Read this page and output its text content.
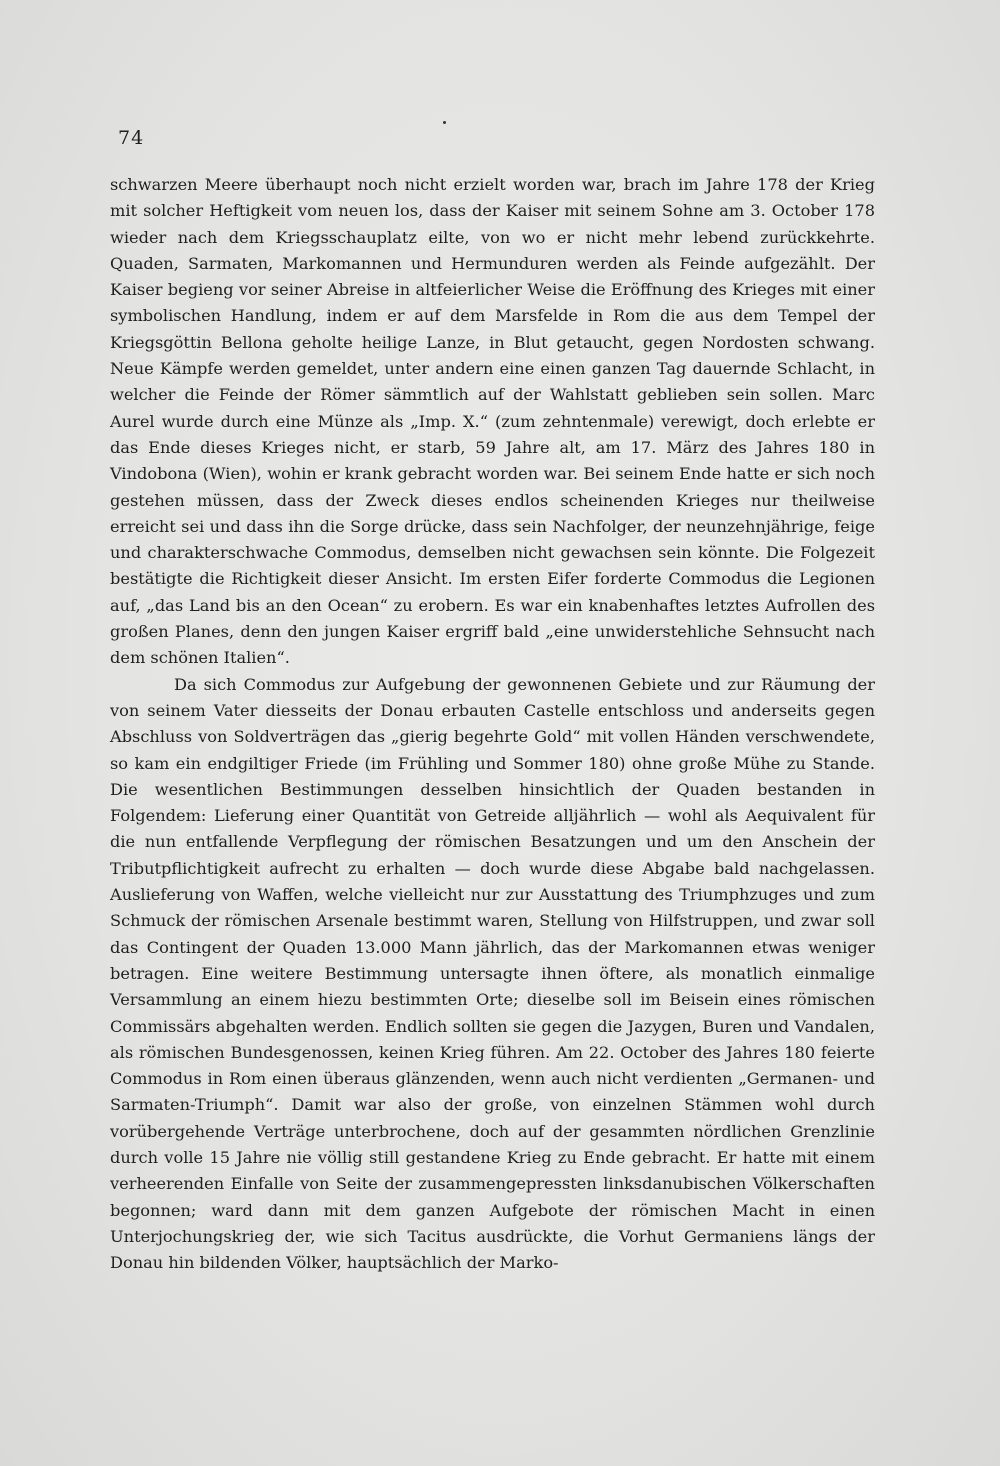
74

schwarzen Meere überhaupt noch nicht erzielt worden war, brach im Jahre 178 der Krieg mit solcher Heftigkeit vom neuen los, dass der Kaiser mit seinem Sohne am 3. October 178 wieder nach dem Kriegsschauplatz eilte, von wo er nicht mehr lebend zurückkehrte. Quaden, Sarmaten, Markomannen und Hermunduren werden als Feinde aufgezählt. Der Kaiser begieng vor seiner Abreise in altfeierlicher Weise die Eröffnung des Krieges mit einer symbolischen Handlung, indem er auf dem Marsfelde in Rom die aus dem Tempel der Kriegsgöttin Bellona geholte heilige Lanze, in Blut getaucht, gegen Nordosten schwang. Neue Kämpfe werden gemeldet, unter andern eine einen ganzen Tag dauernde Schlacht, in welcher die Feinde der Römer sämmtlich auf der Wahlstatt geblieben sein sollen. Marc Aurel wurde durch eine Münze als „Imp. X.“ (zum zehntenmale) verewigt, doch erlebte er das Ende dieses Krieges nicht, er starb, 59 Jahre alt, am 17. März des Jahres 180 in Vindobona (Wien), wohin er krank gebracht worden war. Bei seinem Ende hatte er sich noch gestehen müssen, dass der Zweck dieses endlos scheinenden Krieges nur theilweise erreicht sei und dass ihn die Sorge drücke, dass sein Nachfolger, der neunzehnjährige, feige und charakterschwache Commodus, demselben nicht gewachsen sein könnte. Die Folgezeit bestätigte die Richtigkeit dieser Ansicht. Im ersten Eifer forderte Commodus die Legionen auf, „das Land bis an den Ocean“ zu erobern. Es war ein knabenhaftes letztes Aufrollen des großen Planes, denn den jungen Kaiser ergriff bald „eine unwiderstehliche Sehnsucht nach dem schönen Italien“.

Da sich Commodus zur Aufgebung der gewonnenen Gebiete und zur Räumung der von seinem Vater diesseits der Donau erbauten Castelle entschloss und anderseits gegen Abschluss von Soldverträgen das „gierig begehrte Gold“ mit vollen Händen verschwendete, so kam ein endgiltiger Friede (im Frühling und Sommer 180) ohne große Mühe zu Stande. Die wesentlichen Bestimmungen desselben hinsichtlich der Quaden bestanden in Folgendem: Lieferung einer Quantität von Getreide alljährlich — wohl als Aequivalent für die nun entfallende Verpflegung der römischen Besatzungen und um den Anschein der Tributpflichtigkeit aufrecht zu erhalten — doch wurde diese Abgabe bald nachgelassen. Auslieferung von Waffen, welche vielleicht nur zur Ausstattung des Triumphzuges und zum Schmuck der römischen Arsenale bestimmt waren, Stellung von Hilfstruppen, und zwar soll das Contingent der Quaden 13.000 Mann jährlich, das der Markomannen etwas weniger betragen. Eine weitere Bestimmung untersagte ihnen öftere, als monatlich einmalige Versammlung an einem hiezu bestimmten Orte; dieselbe soll im Beisein eines römischen Commissärs abgehalten werden. Endlich sollten sie gegen die Jazygen, Buren und Vandalen, als römischen Bundesgenossen, keinen Krieg führen. Am 22. October des Jahres 180 feierte Commodus in Rom einen überaus glänzenden, wenn auch nicht verdienten „Germanen- und Sarmaten-Triumph“. Damit war also der große, von einzelnen Stämmen wohl durch vorübergehende Verträge unterbrochene, doch auf der gesammten nördlichen Grenzlinie durch volle 15 Jahre nie völlig still gestandene Krieg zu Ende gebracht. Er hatte mit einem verheerenden Einfalle von Seite der zusammengepressten linksdanubischen Völkerschaften begonnen; ward dann mit dem ganzen Aufgebote der römischen Macht in einen Unterjochungskrieg der, wie sich Tacitus ausdrückte, die Vorhut Germaniens längs der Donau hin bildenden Völker, hauptsächlich der Marko-
